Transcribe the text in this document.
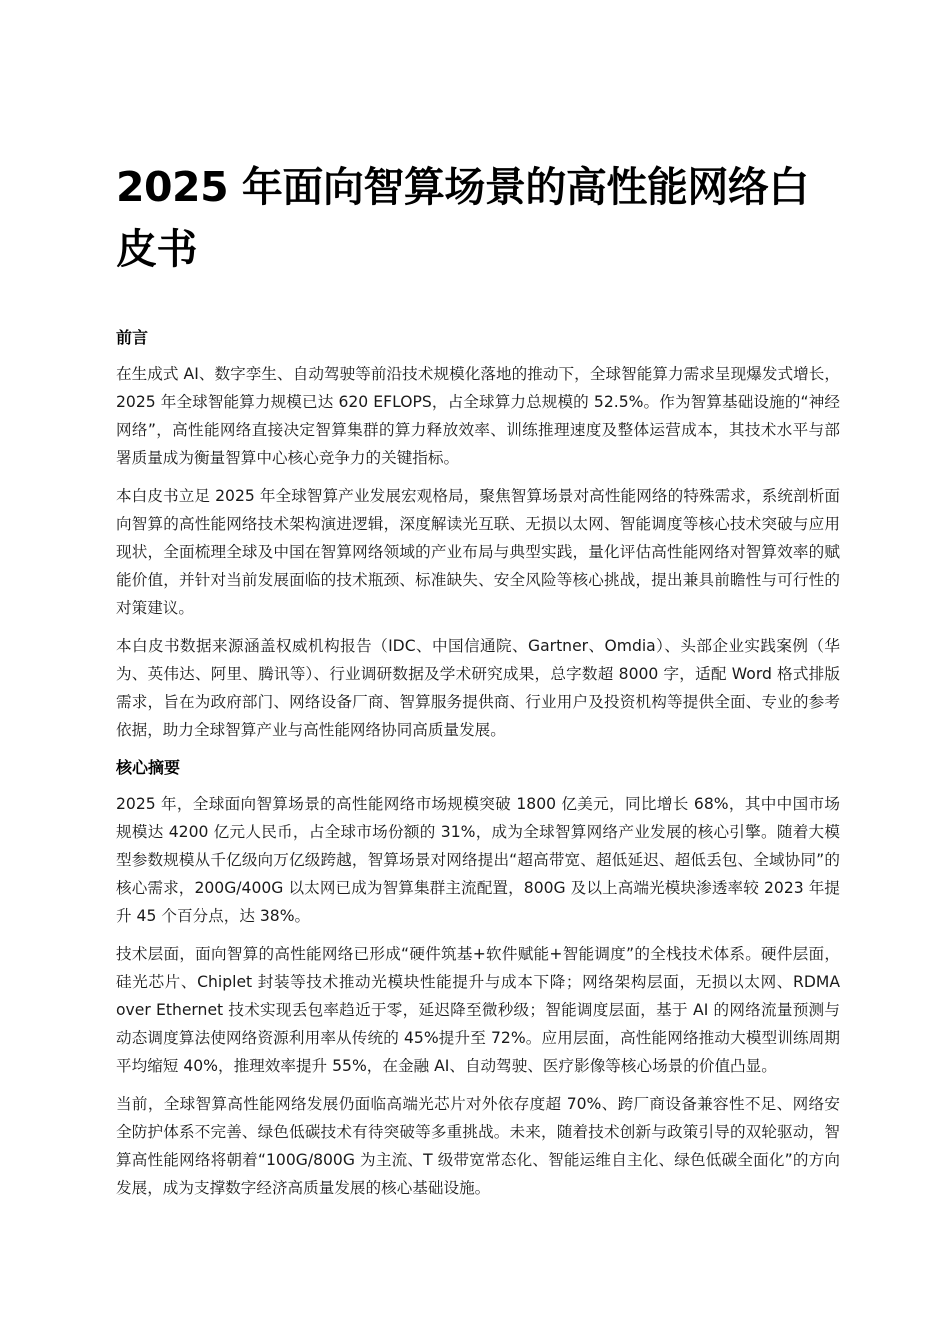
2025 年面向智算场景的高性能网络白皮书
前言

在生成式 AI、数字孪生、自动驾驶等前沿技术规模化落地的推动下，全球智能算力需求呈现爆发式增长，2025 年全球智能算力规模已达 620 EFLOPS，占全球算力总规模的 52.5%。作为智算基础设施的“神经网络”，高性能网络直接决定智算集群的算力释放效率、训练推理速度及整体运营成本，其技术水平与部署质量成为衡量智算中心核心竞争力的关键指标。

本白皮书立足 2025 年全球智算产业发展宏观格局，聚焦智算场景对高性能网络的特殊需求，系统剖析面向智算的高性能网络技术架构演进逻辑，深度解读光互联、无损以太网、智能调度等核心技术突破与应用现状，全面梳理全球及中国在智算网络领域的产业布局与典型实践，量化评估高性能网络对智算效率的赋能价值，并针对当前发展面临的技术瓶颈、标准缺失、安全风险等核心挑战，提出兼具前瞻性与可行性的对策建议。

本白皮书数据来源涵盖权威机构报告（IDC、中国信通院、Gartner、Omdia）、头部企业实践案例（华为、英伟达、阿里、腾讯等）、行业调研数据及学术研究成果，总字数超 8000 字，适配 Word 格式排版需求，旨在为政府部门、网络设备厂商、智算服务提供商、行业用户及投资机构等提供全面、专业的参考依据，助力全球智算产业与高性能网络协同高质量发展。

核心摘要

2025 年，全球面向智算场景的高性能网络市场规模突破 1800 亿美元，同比增长 68%，其中中国市场规模达 4200 亿元人民币，占全球市场份额的 31%，成为全球智算网络产业发展的核心引擎。随着大模型参数规模从千亿级向万亿级跨越，智算场景对网络提出“超高带宽、超低延迟、超低丢包、全域协同”的核心需求，200G/400G 以太网已成为智算集群主流配置，800G 及以上高端光模块渗透率较 2023 年提升 45 个百分点，达 38%。

技术层面，面向智算的高性能网络已形成“硬件筑基+软件赋能+智能调度”的全栈技术体系。硬件层面，硅光芯片、Chiplet 封装等技术推动光模块性能提升与成本下降；网络架构层面，无损以太网、RDMA over Ethernet 技术实现丢包率趋近于零，延迟降至微秒级；智能调度层面，基于 AI 的网络流量预测与动态调度算法使网络资源利用率从传统的 45%提升至 72%。应用层面，高性能网络推动大模型训练周期平均缩短 40%，推理效率提升 55%，在金融 AI、自动驾驶、医疗影像等核心场景的价值凸显。

当前，全球智算高性能网络发展仍面临高端光芯片对外依存度超 70%、跨厂商设备兼容性不足、网络安全防护体系不完善、绿色低碳技术有待突破等多重挑战。未来，随着技术创新与政策引导的双轮驱动，智算高性能网络将朝着“100G/800G 为主流、T 级带宽常态化、智能运维自主化、绿色低碳全面化”的方向发展，成为支撑数字经济高质量发展的核心基础设施。
